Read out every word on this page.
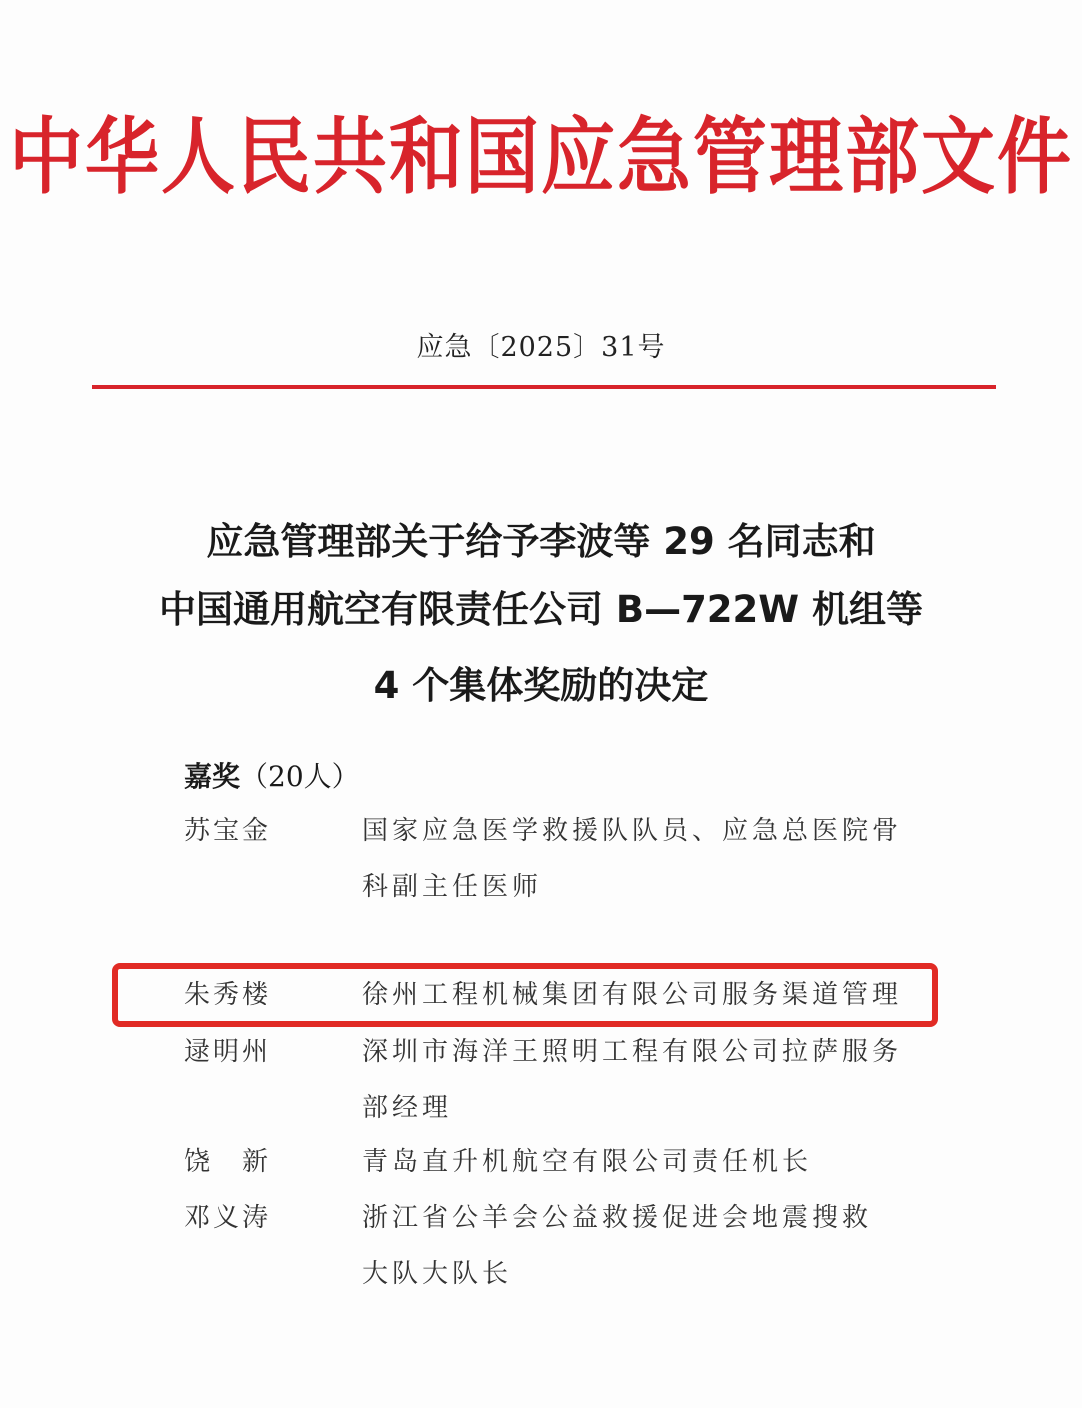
中华人民共和国应急管理部文件
应急〔2025〕31号
应急管理部关于给予李波等 29 名同志和
中国通用航空有限责任公司 B—722W 机组等
4 个集体奖励的决定
嘉奖（20人）
苏宝金	国家应急医学救援队队员、应急总医院骨
科副主任医师
朱秀楼	徐州工程机械集团有限公司服务渠道管理
逯明州	深圳市海洋王照明工程有限公司拉萨服务
部经理
饶新 青岛直升机航空有限公司责任机长
邓义涛	浙江省公羊会公益救援促进会地震搜救
大队大队长
